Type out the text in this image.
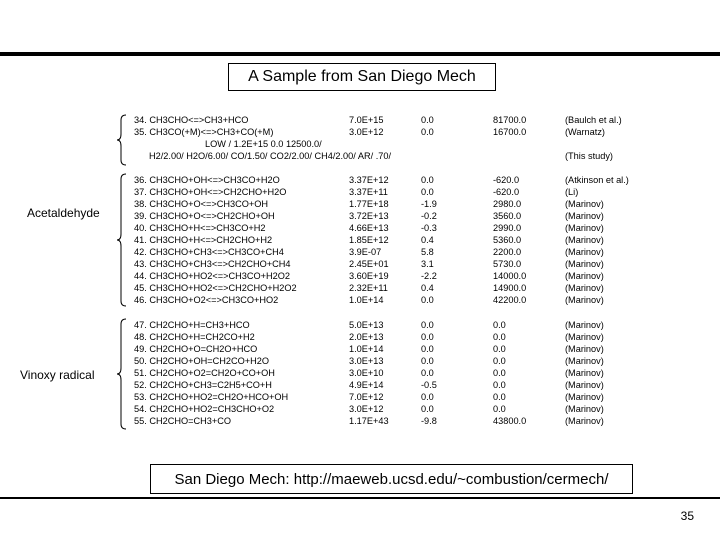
A Sample from San Diego Mech
34. CH3CHO<=>CH3+HCO	7.0E+15	0.0	81700.0	(Baulch et al.)
35. CH3CO(+M)<=>CH3+CO(+M)	3.0E+12	0.0	16700.0	(Warnatz)
LOW / 1.2E+15 0.0 12500.0/
H2/2.00/ H2O/6.00/ CO/1.50/ CO2/2.00/ CH4/2.00/ AR/ .70/	(This study)
Acetaldehyde
36. CH3CHO+OH<=>CH3CO+H2O	3.37E+12	0.0	-620.0	(Atkinson et al.)
37. CH3CHO+OH<=>CH2CHO+H2O	3.37E+11	0.0	-620.0	(Li)
38. CH3CHO+O<=>CH3CO+OH	1.77E+18	-1.9	2980.0	(Marinov)
39. CH3CHO+O<=>CH2CHO+OH	3.72E+13	-0.2	3560.0	(Marinov)
40. CH3CHO+H<=>CH3CO+H2	4.66E+13	-0.3	2990.0	(Marinov)
41. CH3CHO+H<=>CH2CHO+H2	1.85E+12	0.4	5360.0	(Marinov)
42. CH3CHO+CH3<=>CH3CO+CH4	3.9E-07	5.8	2200.0	(Marinov)
43. CH3CHO+CH3<=>CH2CHO+CH4	2.45E+01	3.1	5730.0	(Marinov)
44. CH3CHO+HO2<=>CH3CO+H2O2	3.60E+19	-2.2	14000.0	(Marinov)
45. CH3CHO+HO2<=>CH2CHO+H2O2	2.32E+11	0.4	14900.0	(Marinov)
46. CH3CHO+O2<=>CH3CO+HO2	1.0E+14	0.0	42200.0	(Marinov)
Vinoxy radical
47. CH2CHO+H=CH3+HCO	5.0E+13	0.0	0.0	(Marinov)
48. CH2CHO+H=CH2CO+H2	2.0E+13	0.0	0.0	(Marinov)
49. CH2CHO+O=CH2O+HCO	1.0E+14	0.0	0.0	(Marinov)
50. CH2CHO+OH=CH2CO+H2O	3.0E+13	0.0	0.0	(Marinov)
51. CH2CHO+O2=CH2O+CO+OH	3.0E+10	0.0	0.0	(Marinov)
52. CH2CHO+CH3=C2H5+CO+H	4.9E+14	-0.5	0.0	(Marinov)
53. CH2CHO+HO2=CH2O+HCO+OH	7.0E+12	0.0	0.0	(Marinov)
54. CH2CHO+HO2=CH3CHO+O2	3.0E+12	0.0	0.0	(Marinov)
55. CH2CHO=CH3+CO	1.17E+43	-9.8	43800.0	(Marinov)
San Diego Mech : http://maeweb.ucsd.edu/~combustion/cermech/
35
